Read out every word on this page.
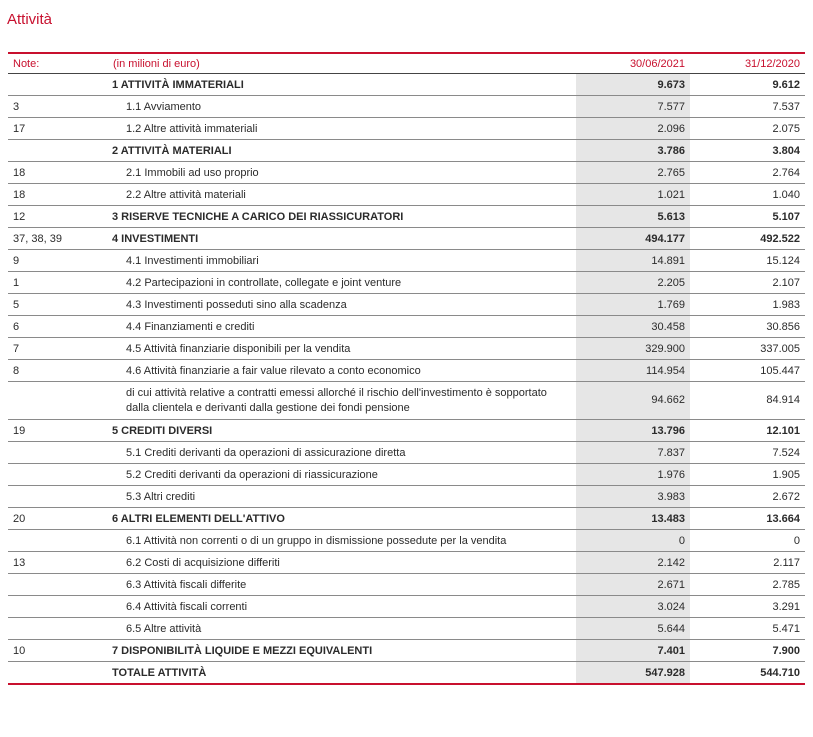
Attività
Note:	(in milioni di euro)	30/06/2021	31/12/2020
	1 ATTIVITÀ IMMATERIALI	9.673	9.612
3	1.1 Avviamento	7.577	7.537
17	1.2 Altre attività immateriali	2.096	2.075
	2 ATTIVITÀ MATERIALI	3.786	3.804
18	2.1 Immobili ad uso proprio	2.765	2.764
18	2.2 Altre attività materiali	1.021	1.040
12	3 RISERVE TECNICHE A CARICO DEI RIASSICURATORI	5.613	5.107
37, 38, 39	4 INVESTIMENTI	494.177	492.522
9	4.1 Investimenti immobiliari	14.891	15.124
1	4.2 Partecipazioni in controllate, collegate e joint venture	2.205	2.107
5	4.3 Investimenti posseduti sino alla scadenza	1.769	1.983
6	4.4 Finanziamenti e crediti	30.458	30.856
7	4.5 Attività finanziarie disponibili per la vendita	329.900	337.005
8	4.6 Attività finanziarie a fair value rilevato a conto economico	114.954	105.447
	di cui attività relative a contratti emessi allorché il rischio dell'investimento è sopportato dalla clientela e derivanti dalla gestione dei fondi pensione	94.662	84.914
19	5 CREDITI DIVERSI	13.796	12.101
	5.1 Crediti derivanti da operazioni di assicurazione diretta	7.837	7.524
	5.2 Crediti derivanti da operazioni di riassicurazione	1.976	1.905
	5.3 Altri crediti	3.983	2.672
20	6 ALTRI ELEMENTI DELL'ATTIVO	13.483	13.664
	6.1 Attività non correnti o di un gruppo in dismissione possedute per la vendita	0	0
13	6.2 Costi di acquisizione differiti	2.142	2.117
	6.3 Attività fiscali differite	2.671	2.785
	6.4 Attività fiscali correnti	3.024	3.291
	6.5 Altre attività	5.644	5.471
10	7 DISPONIBILITÀ LIQUIDE E MEZZI EQUIVALENTI	7.401	7.900
	TOTALE ATTIVITÀ	547.928	544.710
